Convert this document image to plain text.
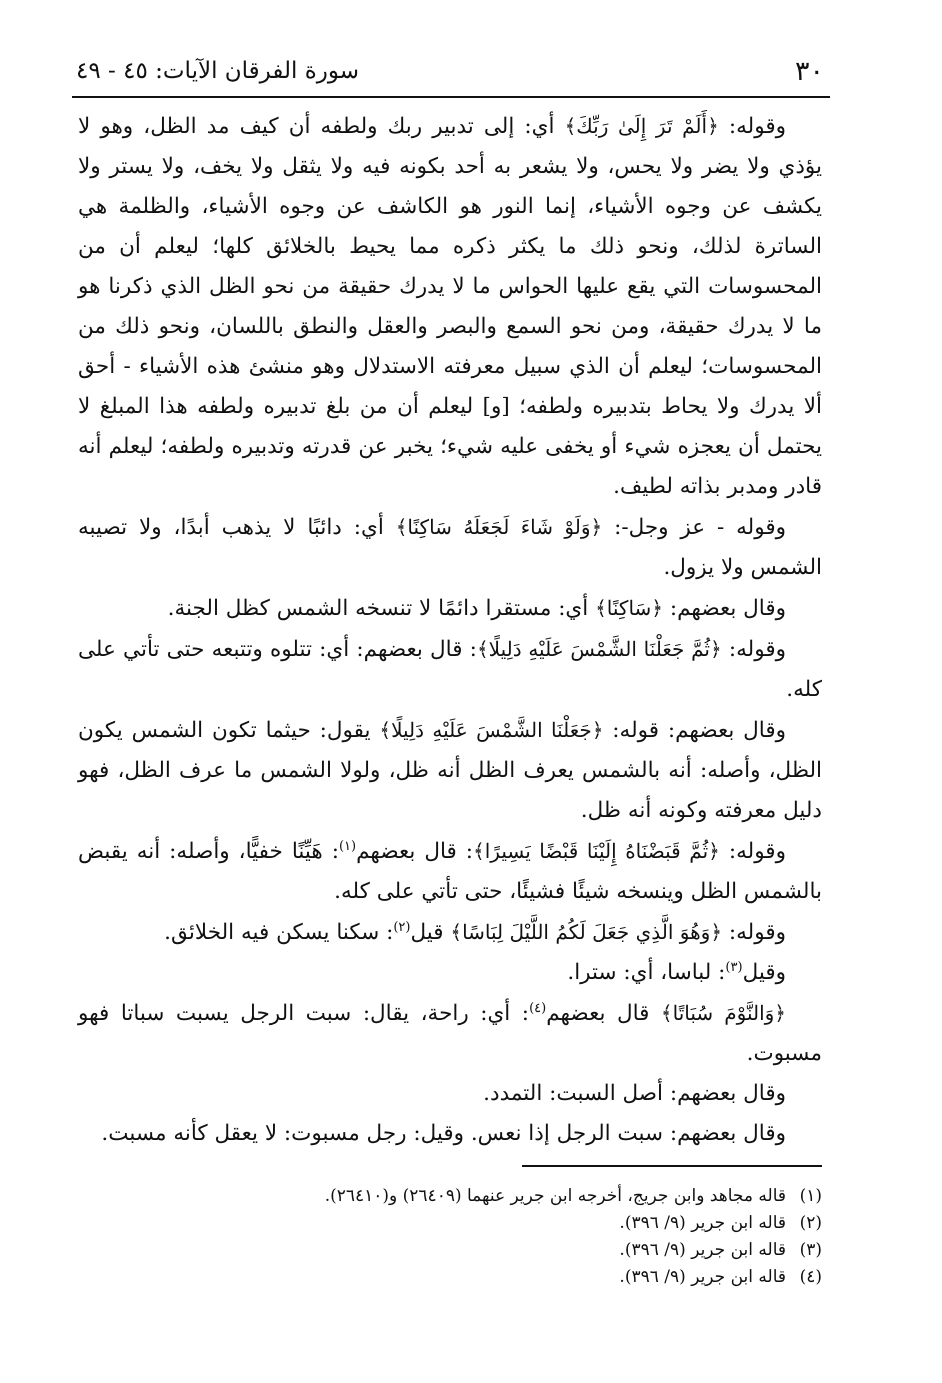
٣٠
سورة الفرقان الآيات: ٤٥ - ٤٩

وقوله: ﴿أَلَمْ تَرَ إِلَىٰ رَبِّكَ﴾ أي: إلى تدبير ربك ولطفه أن كيف مد الظل، وهو لا يؤذي ولا يضر ولا يحس، ولا يشعر به أحد بكونه فيه ولا يثقل ولا يخف، ولا يستر ولا يكشف عن وجوه الأشياء، إنما النور هو الكاشف عن وجوه الأشياء، والظلمة هي الساترة لذلك، ونحو ذلك ما يكثر ذكره مما يحيط بالخلائق كلها؛ ليعلم أن من المحسوسات التي يقع عليها الحواس ما لا يدرك حقيقة من نحو الظل الذي ذكرنا هو ما لا يدرك حقيقة، ومن نحو السمع والبصر والعقل والنطق باللسان، ونحو ذلك من المحسوسات؛ ليعلم أن الذي سبيل معرفته الاستدلال وهو منشئ هذه الأشياء - أحق ألا يدرك ولا يحاط بتدبيره ولطفه؛ [و] ليعلم أن من بلغ تدبيره ولطفه هذا المبلغ لا يحتمل أن يعجزه شيء أو يخفى عليه شيء؛ يخبر عن قدرته وتدبيره ولطفه؛ ليعلم أنه قادر ومدبر بذاته لطيف.

وقوله - عز وجل-: ﴿وَلَوْ شَاءَ لَجَعَلَهُ سَاكِنًا﴾ أي: دائبًا لا يذهب أبدًا، ولا تصيبه الشمس ولا يزول.

وقال بعضهم: ﴿سَاكِنًا﴾ أي: مستقرا دائمًا لا تنسخه الشمس كظل الجنة.

وقوله: ﴿ثُمَّ جَعَلْنَا الشَّمْسَ عَلَيْهِ دَلِيلًا﴾: قال بعضهم: أي: تتلوه وتتبعه حتى تأتي على كله.

وقال بعضهم: قوله: ﴿جَعَلْنَا الشَّمْسَ عَلَيْهِ دَلِيلًا﴾ يقول: حيثما تكون الشمس يكون الظل، وأصله: أنه بالشمس يعرف الظل أنه ظل، ولولا الشمس ما عرف الظل، فهو دليل معرفته وكونه أنه ظل.

وقوله: ﴿ثُمَّ قَبَضْنَاهُ إِلَيْنَا قَبْضًا يَسِيرًا﴾: قال بعضهم$^{(١)}$: هَيِّنًا خفيًّا، وأصله: أنه يقبض بالشمس الظل وينسخه شيئًا فشيئًا، حتى تأتي على كله.

وقوله: ﴿وَهُوَ الَّذِي جَعَلَ لَكُمُ اللَّيْلَ لِبَاسًا﴾ قيل$^{(٢)}$: سكنا يسكن فيه الخلائق.

وقيل$^{(٣)}$: لباسا، أي: سترا.

﴿وَالنَّوْمَ سُبَاتًا﴾ قال بعضهم$^{(٤)}$: أي: راحة، يقال: سبت الرجل يسبت سباتا فهو مسبوت.

وقال بعضهم: أصل السبت: التمدد.

وقال بعضهم: سبت الرجل إذا نعس. وقيل: رجل مسبوت: لا يعقل كأنه مسبت.

(١)قاله مجاهد وابن جريج، أخرجه ابن جرير عنهما (٢٦٤٠٩) و(٢٦٤١٠).
(٢)قاله ابن جرير (٩/ ٣٩٦).
(٣)قاله ابن جرير (٩/ ٣٩٦).
(٤)قاله ابن جرير (٩/ ٣٩٦).
